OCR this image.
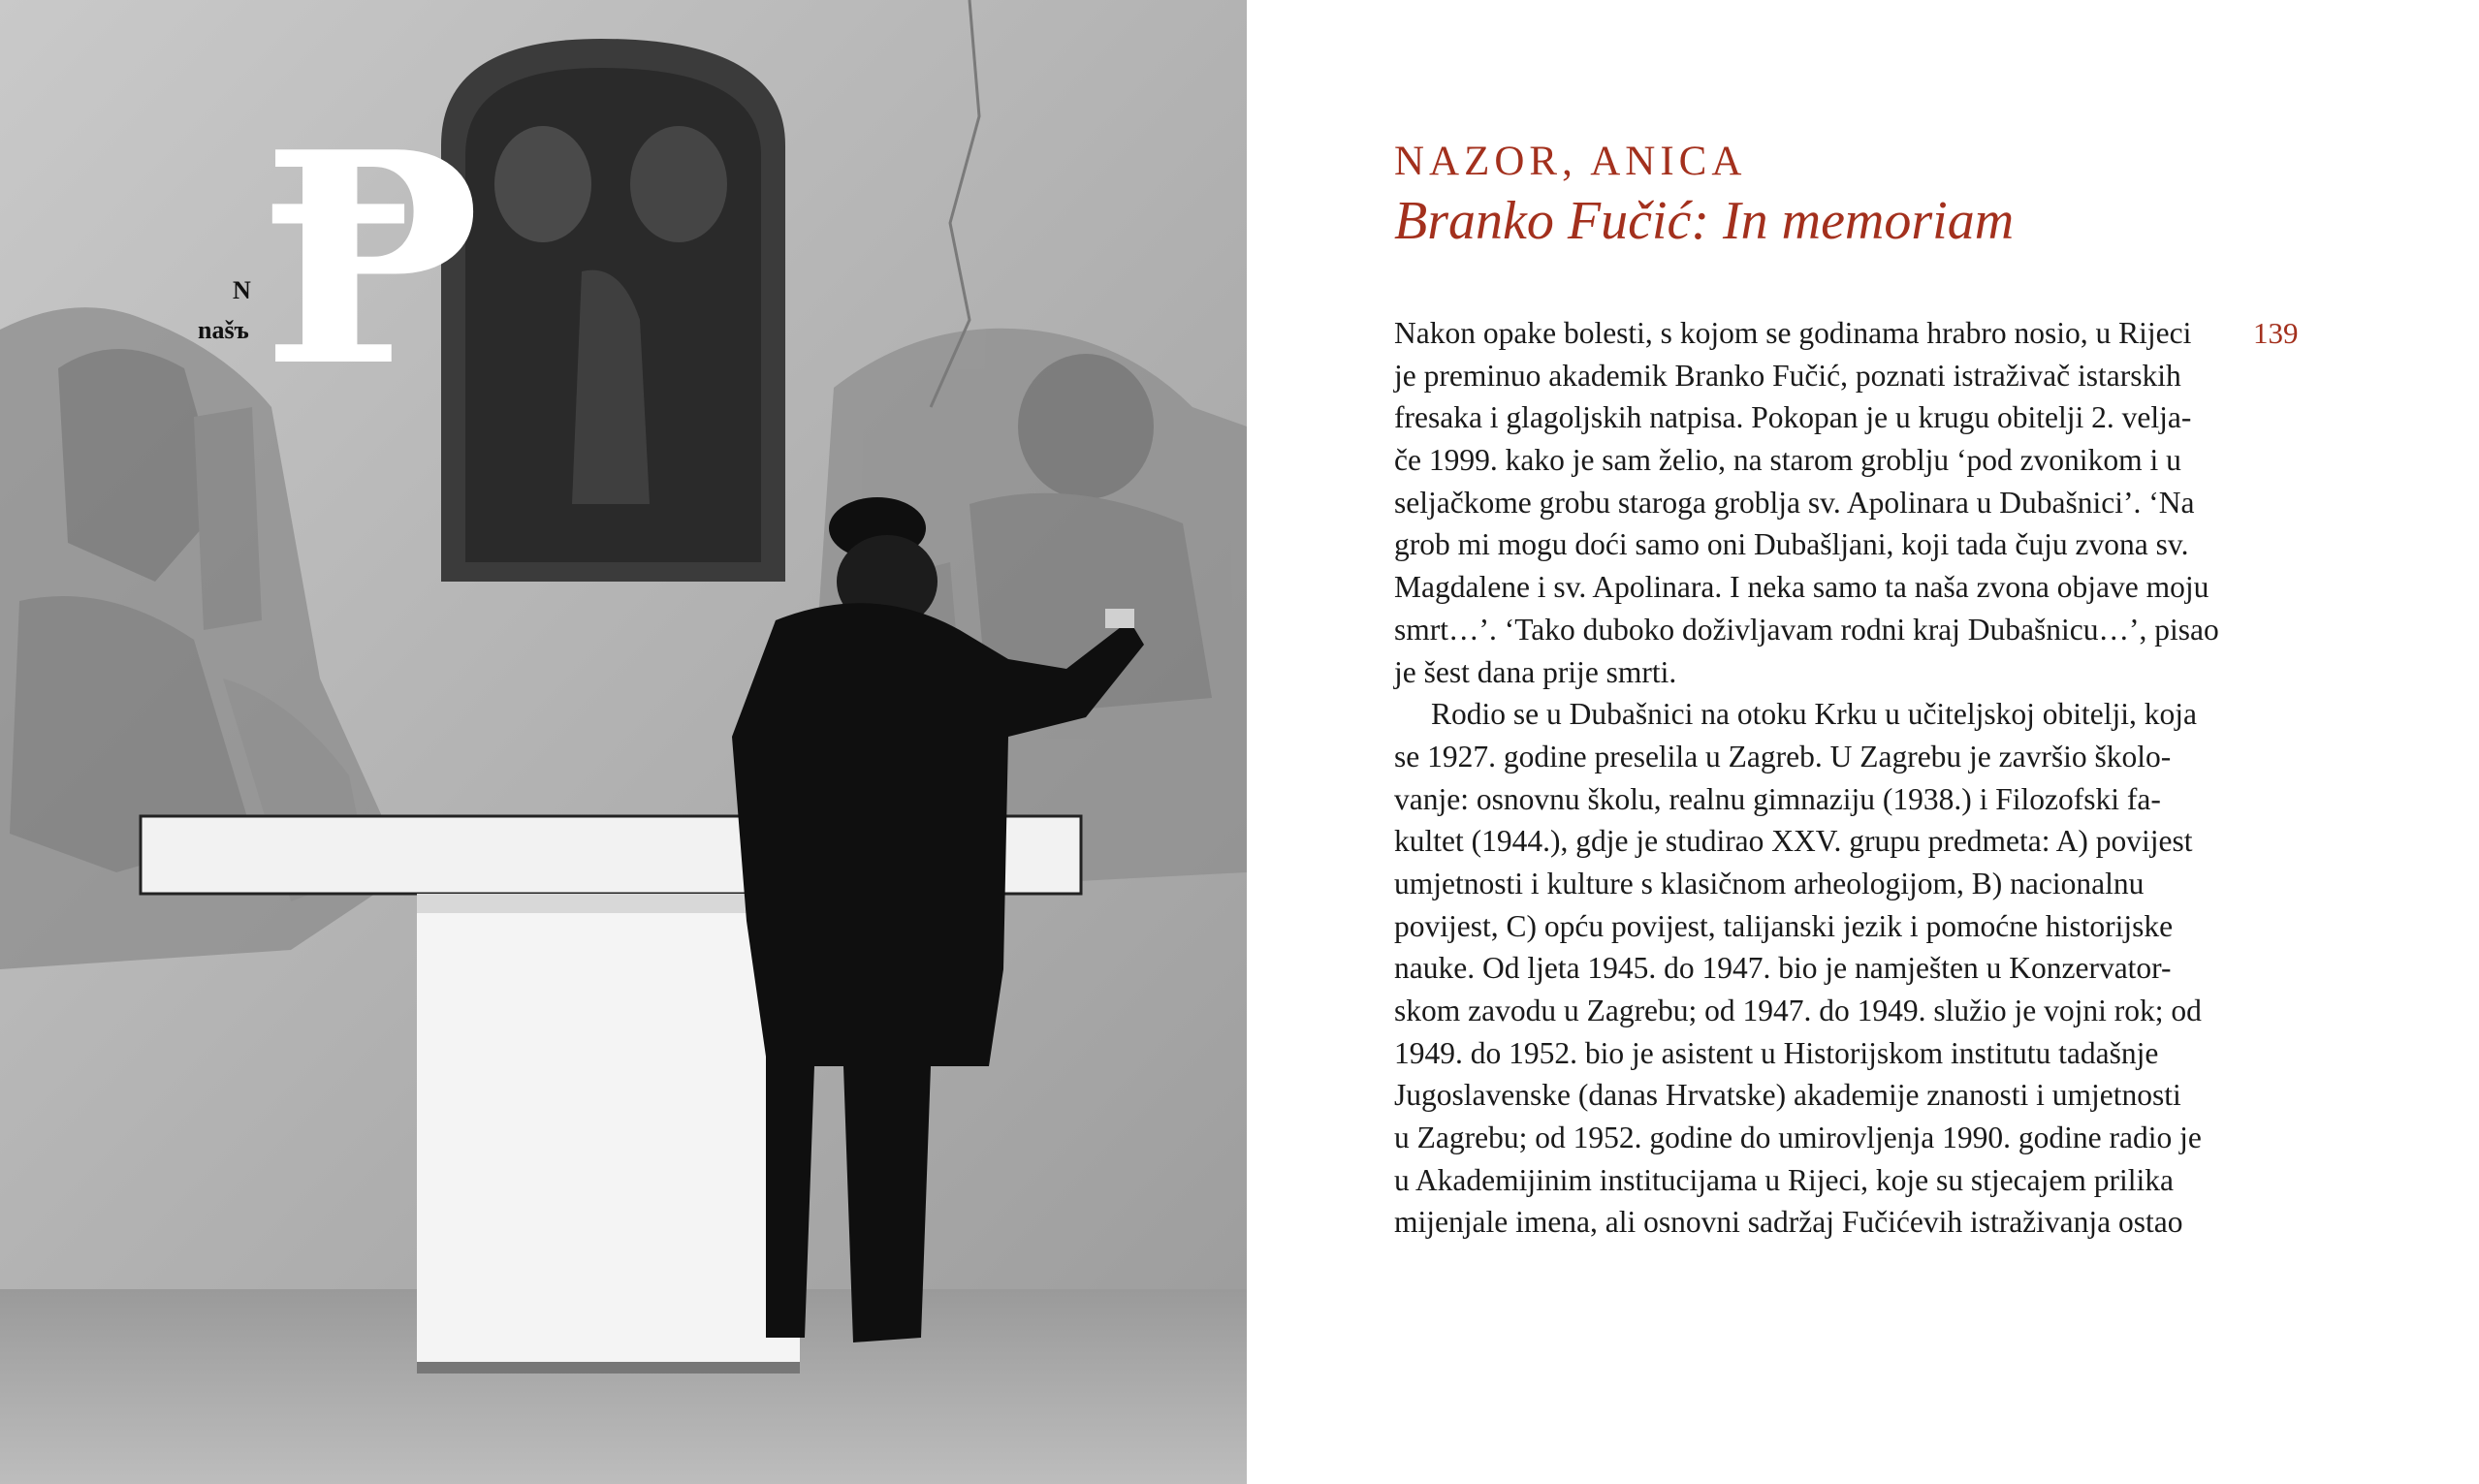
Ᵽ
N
našъ
NAZOR, ANICA
Branko Fučić: In memoriam
139
Nakon opake bolesti, s kojom se godinama hrabro nosio, u Rijeci
je preminuo akademik Branko Fučić, poznati istraživač istarskih
fresaka i glagoljskih natpisa. Pokopan je u krugu obitelji 2. velja-
če 1999. kako je sam želio, na starom groblju ‘pod zvonikom i u
seljačkome grobu staroga groblja sv. Apolinara u Dubašnici’. ‘Na
grob mi mogu doći samo oni Dubašljani, koji tada čuju zvona sv.
Magdalene i sv. Apolinara. I neka samo ta naša zvona objave moju
smrt…’. ‘Tako duboko doživljavam rodni kraj Dubašnicu…’, pisao
je šest dana prije smrti.
Rodio se u Dubašnici na otoku Krku u učiteljskoj obitelji, koja
se 1927. godine preselila u Zagreb. U Zagrebu je završio školo-
vanje: osnovnu školu, realnu gimnaziju (1938.) i Filozofski fa-
kultet (1944.), gdje je studirao XXV. grupu predmeta: A) povijest
umjetnosti i kulture s klasičnom arheologijom, B) nacionalnu
povijest, C) opću povijest, talijanski jezik i pomoćne historijske
nauke. Od ljeta 1945. do 1947. bio je namješten u Konzervator-
skom zavodu u Zagrebu; od 1947. do 1949. služio je vojni rok; od
1949. do 1952. bio je asistent u Historijskom institutu tadašnje
Jugoslavenske (danas Hrvatske) akademije znanosti i umjetnosti
u Zagrebu; od 1952. godine do umirovljenja 1990. godine radio je
u Akademijinim institucijama u Rijeci, koje su stjecajem prilika
mijenjale imena, ali osnovni sadržaj Fučićevih istraživanja ostao
